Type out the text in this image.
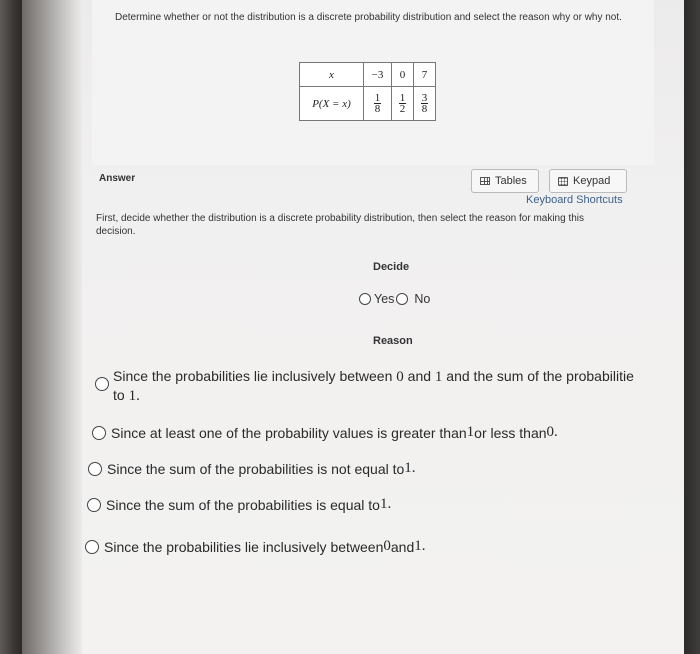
Determine whether or not the distribution is a discrete probability distribution and select the reason why or why not.
x	−3	0	7
P(X = x)	$\frac{1}{8}$	$\frac{1}{2}$	$\frac{3}{8}$
Answer	Tables	Keypad
Keyboard Shortcuts
First, decide whether the distribution is a discrete probability distribution, then select the reason for making this decision.
Decide
Yes No
Reason
Since the probabilities lie inclusively between 0 and 1 and the sum of the probabilitie
to 1.
Since at least one of the probability values is greater than 1 or less than 0.
Since the sum of the probabilities is not equal to 1.
Since the sum of the probabilities is equal to 1.
Since the probabilities lie inclusively between 0 and 1.
